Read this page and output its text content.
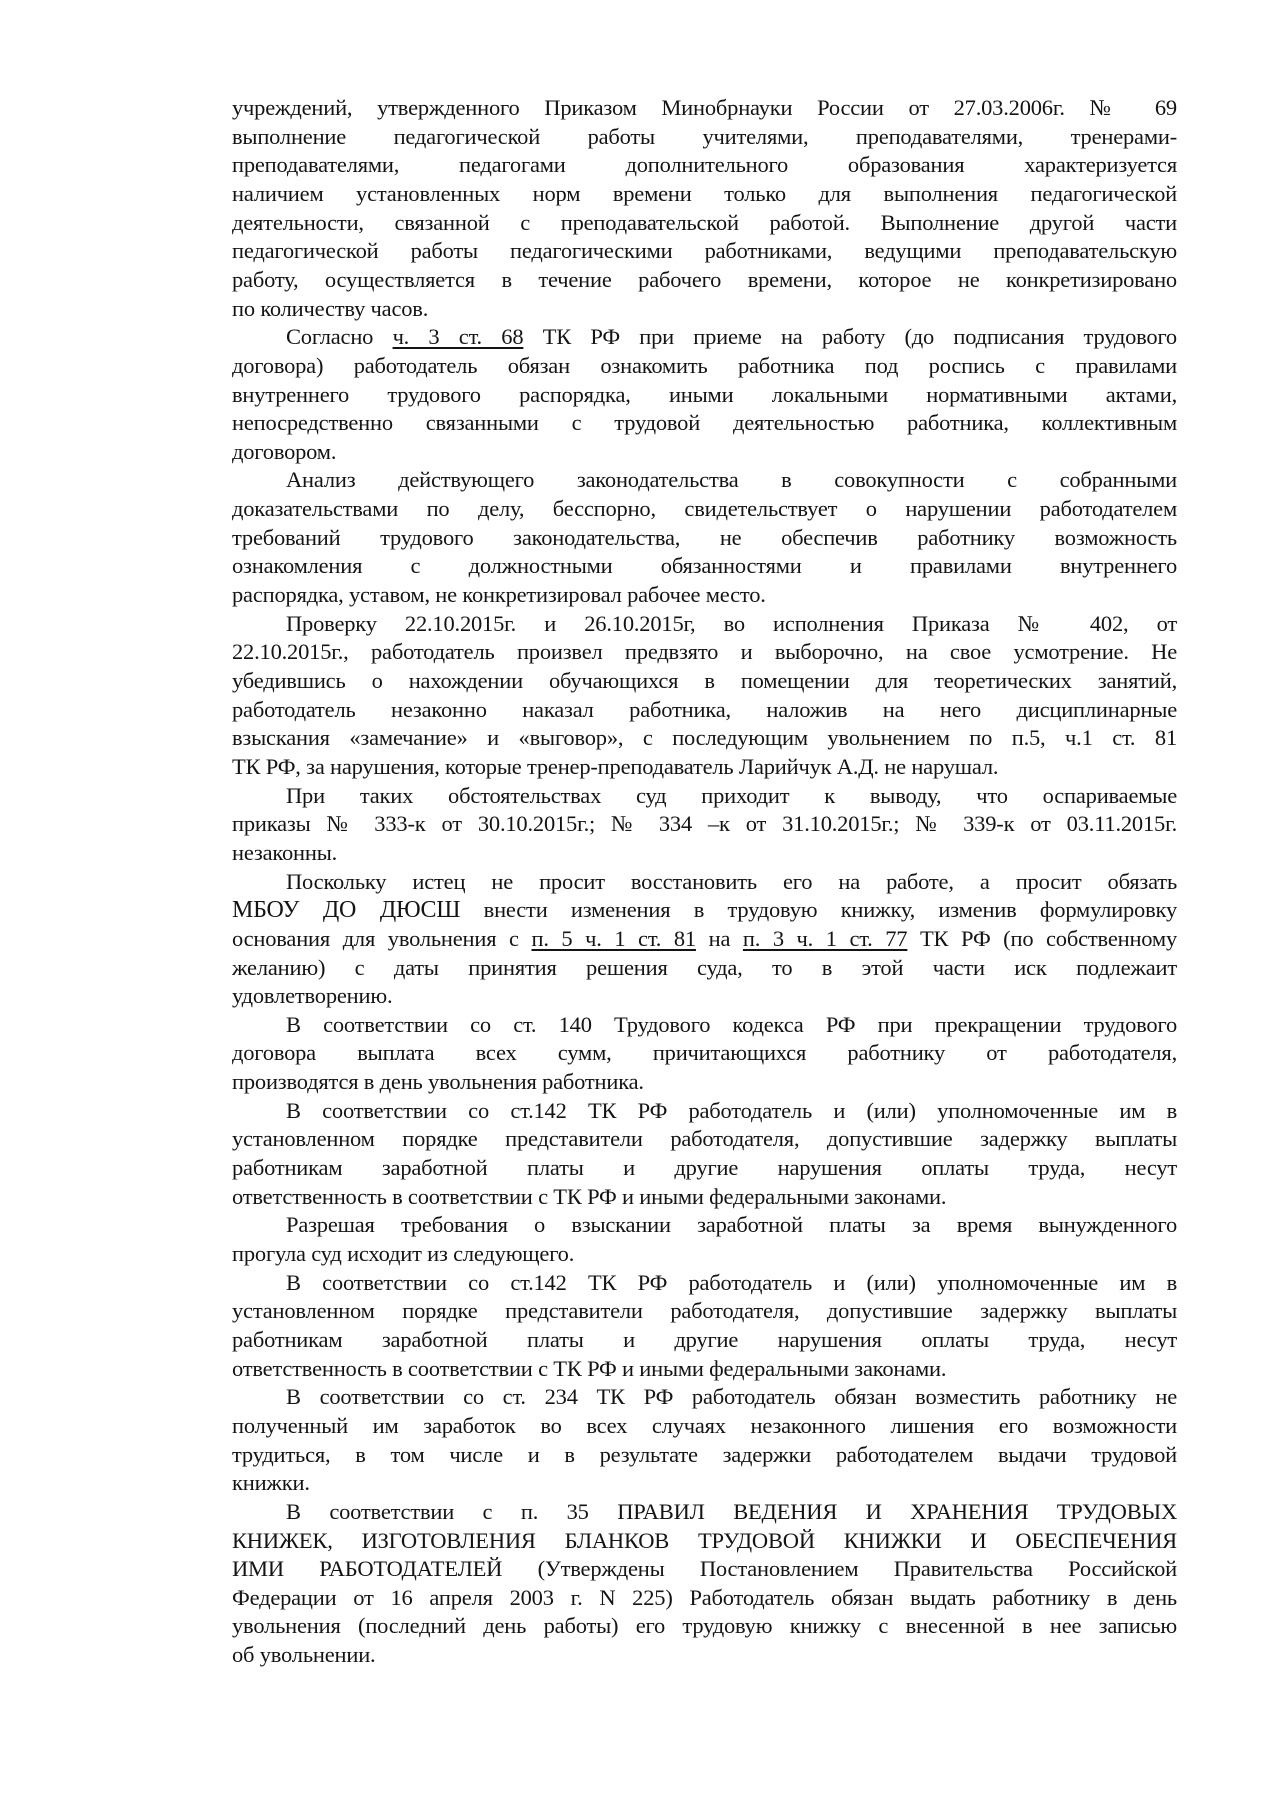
учреждений, утвержденного Приказом Минобрнауки России от 27.03.2006г. № 69
выполнение педагогической работы учителями, преподавателями, тренерами-
преподавателями, педагогами дополнительного образования характеризуется
наличием установленных норм времени только для выполнения педагогической
деятельности, связанной с преподавательской работой. Выполнение другой части
педагогической работы педагогическими работниками, ведущими преподавательскую
работу, осуществляется в течение рабочего времени, которое не конкретизировано
по количеству часов.
Согласно ч. 3 ст. 68 ТК РФ при приеме на работу (до подписания трудового
договора) работодатель обязан ознакомить работника под роспись с правилами
внутреннего трудового распорядка, иными локальными нормативными актами,
непосредственно связанными с трудовой деятельностью работника, коллективным
договором.
Анализ действующего законодательства в совокупности с собранными
доказательствами по делу, бесспорно, свидетельствует о нарушении работодателем
требований трудового законодательства, не обеспечив работнику возможность
ознакомления с должностными обязанностями и правилами внутреннего
распорядка, уставом, не конкретизировал рабочее место.
Проверку 22.10.2015г. и 26.10.2015г, во исполнения Приказа № 402, от
22.10.2015г., работодатель произвел предвзято и выборочно, на свое усмотрение. Не
убедившись о нахождении обучающихся в помещении для теоретических занятий,
работодатель незаконно наказал работника, наложив на него дисциплинарные
взыскания «замечание» и «выговор», с последующим увольнением по п.5, ч.1 ст. 81
ТК РФ, за нарушения, которые тренер-преподаватель Ларийчук А.Д. не нарушал.
При таких обстоятельствах суд приходит к выводу, что оспариваемые
приказы № 333-к от 30.10.2015г.; № 334 –к от 31.10.2015г.; № 339-к от 03.11.2015г.
незаконны.
Поскольку истец не просит восстановить его на работе, а просит обязать
МБОУ ДО ДЮСШ внести изменения в трудовую книжку, изменив формулировку
основания для увольнения с п. 5 ч. 1 ст. 81 на п. 3 ч. 1 ст. 77 ТК РФ (по собственному
желанию) с даты принятия решения суда, то в этой части иск подлежаит
удовлетворению.
В соответствии со ст. 140 Трудового кодекса РФ при прекращении трудового
договора выплата всех сумм, причитающихся работнику от работодателя,
производятся в день увольнения работника.
В соответствии со ст.142 ТК РФ работодатель и (или) уполномоченные им в
установленном порядке представители работодателя, допустившие задержку выплаты
работникам заработной платы и другие нарушения оплаты труда, несут
ответственность в соответствии с ТК РФ и иными федеральными законами.
Разрешая требования о взыскании заработной платы за время вынужденного
прогула суд исходит из следующего.
В соответствии со ст.142 ТК РФ работодатель и (или) уполномоченные им в
установленном порядке представители работодателя, допустившие задержку выплаты
работникам заработной платы и другие нарушения оплаты труда, несут
ответственность в соответствии с ТК РФ и иными федеральными законами.
В соответствии со ст. 234 ТК РФ работодатель обязан возместить работнику не
полученный им заработок во всех случаях незаконного лишения его возможности
трудиться, в том числе и в результате задержки работодателем выдачи трудовой
книжки.
В соответствии с п. 35 ПРАВИЛ ВЕДЕНИЯ И ХРАНЕНИЯ ТРУДОВЫХ
КНИЖЕК, ИЗГОТОВЛЕНИЯ БЛАНКОВ ТРУДОВОЙ КНИЖКИ И ОБЕСПЕЧЕНИЯ
ИМИ РАБОТОДАТЕЛЕЙ (Утверждены Постановлением Правительства Российской
Федерации от 16 апреля 2003 г. N 225) Работодатель обязан выдать работнику в день
увольнения (последний день работы) его трудовую книжку с внесенной в нее записью
об увольнении.
